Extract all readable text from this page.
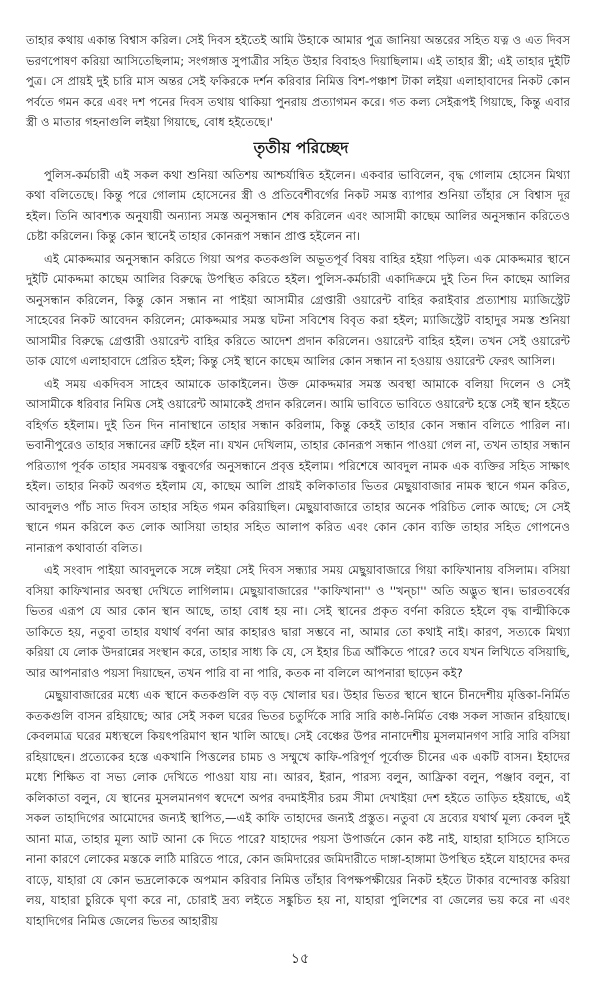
তাহার কথায় একান্ত বিশ্বাস করিল। সেই দিবস হইতেই আমি উহাকে আমার পুত্র জানিয়া অন্তরের সহিত যত্ন ও এত দিবস ভরণপোষণ করিয়া আসিতেছিলাম; সংগঙ্গাত্ত সুপাত্রীর সহিত উহার বিবাহও দিয়াছিলাম। এই তাহার স্ত্রী; এই তাহার দুইটি পুত্র। সে প্রায়ই দুই চারি মাস অন্তর সেই ফকিরকে দর্শন করিবার নিমিত্ত বিশ-পঞ্চাশ টাকা লইয়া এলাহাবাদের নিকট কোন পর্বতে গমন করে এবং দশ পনের দিবস তথায় থাকিয়া পুনরায় প্রত্যাগমন করে। গত কল্য সেইরূপই গিয়াছে, কিন্তু এবার স্ত্রী ও মাতার গহনাগুলি লইয়া গিয়াছে, বোধ হইতেছে।'

তৃতীয় পরিচ্ছেদ

পুলিস-কর্মচারী এই সকল কথা শুনিয়া অতিশয় আশ্চর্যান্বিত হইলেন। একবার ভাবিলেন, বৃদ্ধ গোলাম হোসেন মিথ্যা কথা বলিতেছে। কিন্তু পরে গোলাম হোসেনের স্ত্রী ও প্রতিবেশীবর্গের নিকট সমস্ত ব্যাপার শুনিয়া তাঁহার সে বিশ্বাস দূর হইল। তিনি আবশ্যক অনুযায়ী অন্যান্য সমস্ত অনুসন্ধান শেষ করিলেন এবং আসামী কাছেম আলির অনুসন্ধান করিতেও চেষ্টা করিলেন। কিন্তু কোন স্থানেই তাহার কোনরূপ সন্ধান প্রাপ্ত হইলেন না।

এই মোকদ্দমার অনুসন্ধান করিতে গিয়া অপর কতকগুলি অভূতপূর্ব বিষয় বাহির হইয়া পড়িল। এক মোকদ্দমার স্থানে দুইটি মোকদ্দমা কাছেম আলির বিরুদ্ধে উপস্থিত করিতে হইল। পুলিস-কর্মচারী একাদিক্রমে দুই তিন দিন কাছেম আলির অনুসন্ধান করিলেন, কিন্তু কোন সন্ধান না পাইয়া আসামীর গ্রেপ্তারী ওয়ারেন্ট বাহির করাইবার প্রত্যাশায় ম্যাজিস্ট্রেট সাহেবের নিকট আবেদন করিলেন; মোকদ্দমার সমস্ত ঘটনা সবিশেষ বিবৃত করা হইল; ম্যাজিস্ট্রেট বাহাদুর সমস্ত শুনিয়া আসামীর বিরুদ্ধে গ্রেপ্তারী ওয়ারেন্ট বাহির করিতে আদেশ প্রদান করিলেন। ওয়ারেন্ট বাহির হইল। তখন সেই ওয়ারেন্ট ডাক যোগে এলাহাবাদে প্রেরিত হইল; কিন্তু সেই স্থানে কাছেম আলির কোন সন্ধান না হওয়ায় ওয়ারেন্ট ফেরৎ আসিল।

এই সময় একদিবস সাহেব আমাকে ডাকাইলেন। উক্ত মোকদ্দমার সমস্ত অবস্থা আমাকে বলিয়া দিলেন ও সেই আসামীকে ধরিবার নিমিত্ত সেই ওয়ারেন্ট আমাকেই প্রদান করিলেন। আমি ভাবিতে ভাবিতে ওয়ারেন্ট হস্তে সেই স্থান হইতে বহির্গত হইলাম। দুই তিন দিন নানাস্থানে তাহার সন্ধান করিলাম, কিন্তু কেহই তাহার কোন সন্ধান বলিতে পারিল না। ভবানীপুরেও তাহার সন্ধানের ত্রুটি হইল না। যখন দেখিলাম, তাহার কোনরূপ সন্ধান পাওয়া গেল না, তখন তাহার সন্ধান পরিত্যাগ পূর্বক তাহার সমবয়স্ক বন্ধুবর্গের অনুসন্ধানে প্রবৃত্ত হইলাম। পরিশেষে আবদুল নামক এক ব্যক্তির সহিত সাক্ষাৎ হইল। তাহার নিকট অবগত হইলাম যে, কাছেম আলি প্রায়ই কলিকাতার ভিতর মেছুয়াবাজার নামক স্থানে গমন করিত, আবদুলও পাঁচ সাত দিবস তাহার সহিত গমন করিয়াছিল। মেছুয়াবাজারে তাহার অনেক পরিচিত লোক আছে; সে সেই স্থানে গমন করিলে কত লোক আসিয়া তাহার সহিত আলাপ করিত এবং কোন কোন ব্যক্তি তাহার সহিত গোপনেও নানারূপ কথাবার্তা বলিত।

এই সংবাদ পাইয়া আবদুলকে সঙ্গে লইয়া সেই দিবস সন্ধ্যার সময় মেছুয়াবাজারে গিয়া কাফিখানায় বসিলাম। বসিয়া বসিয়া কাফিখানার অবস্থা দেখিতে লাগিলাম। মেছুয়াবাজারের ''কাফিখানা'' ও ''খন্চা'' অতি অদ্ভুত স্থান। ভারতবর্ষের ভিতর এরূপ যে আর কোন স্থান আছে, তাহা বোধ হয় না। সেই স্থানের প্রকৃত বর্ণনা করিতে হইলে বৃদ্ধ বাল্মীকিকে ডাকিতে হয়, নতুবা তাহার যথার্থ বর্ণনা আর কাহারও দ্বারা সম্ভবে না, আমার তো কথাই নাই। কারণ, সত্যকে মিথ্যা করিয়া যে লোক উদরান্নের সংস্থান করে, তাহার সাধ্য কি যে, সে ইহার চিত্র আঁকিতে পারে? তবে যখন লিখিতে বসিয়াছি, আর আপনারাও পয়সা দিয়াছেন, তখন পারি বা না পারি, কতক না বলিলে আপনারা ছাড়েন কই?

মেছুয়াবাজারের মধ্যে এক স্থানে কতকগুলি বড় বড় খোলার ঘর। উহার ভিতর স্থানে স্থানে চীনদেশীয় মৃত্তিকা-নির্মিত কতকগুলি বাসন রহিয়াছে; আর সেই সকল ঘরের ভিতর চতুর্দিকে সারি সারি কাষ্ঠ-নির্মিত বেঞ্চ সকল সাজান রহিয়াছে। কেবলমাত্র ঘরের মধ্যস্থলে কিয়ৎপরিমাণ স্থান খালি আছে। সেই বেঞ্চের উপর নানাদেশীয় মুসলমানগণ সারি সারি বসিয়া রহিয়াছেন। প্রত্যেকের হস্তে একখানি পিত্তলের চামচ ও সম্মুখে কাফি-পরিপূর্ণ পূর্বোক্ত চীনের এক একটি বাসন। ইহাদের মধ্যে শিক্ষিত বা সভ্য লোক দেখিতে পাওয়া যায় না। আরব, ইরান, পারস্য বলুন, আফ্রিকা বলুন, পঞ্জাব বলুন, বা কলিকাতা বলুন, যে স্থানের মুসলমানগণ স্বদেশে অপর বদমাইসীর চরম সীমা দেখাইয়া দেশ হইতে তাড়িত হইয়াছে, এই সকল তাহাদিগের আমোদের জন্যই স্থাপিত,—এই কাফি তাহাদের জন্যই প্রস্তুত। নতুবা যে দ্রব্যের যথার্থ মূল্য কেবল দুই আনা মাত্র, তাহার মূল্য আট আনা কে দিতে পারে? যাহাদের পয়সা উপার্জনে কোন কষ্ট নাই, যাহারা হাসিতে হাসিতে নানা কারণে লোকের মস্তকে লাঠি মারিতে পারে, কোন জমিদারের জমিদারীতে দাঙ্গা-হাঙ্গামা উপস্থিত হইলে যাহাদের কদর বাড়ে, যাহারা যে কোন ভদ্রলোককে অপমান করিবার নিমিত্ত তাঁহার বিপক্ষপক্ষীয়ের নিকট হইতে টাকার বন্দোবস্ত করিয়া লয়, যাহারা চুরিকে ঘৃণা করে না, চোরাই দ্রব্য লইতে সঙ্কুচিত হয় না, যাহারা পুলিশের বা জেলের ভয় করে না এবং যাহাদিগের নিমিত্ত জেলের ভিতর আহারীয়

১৫
